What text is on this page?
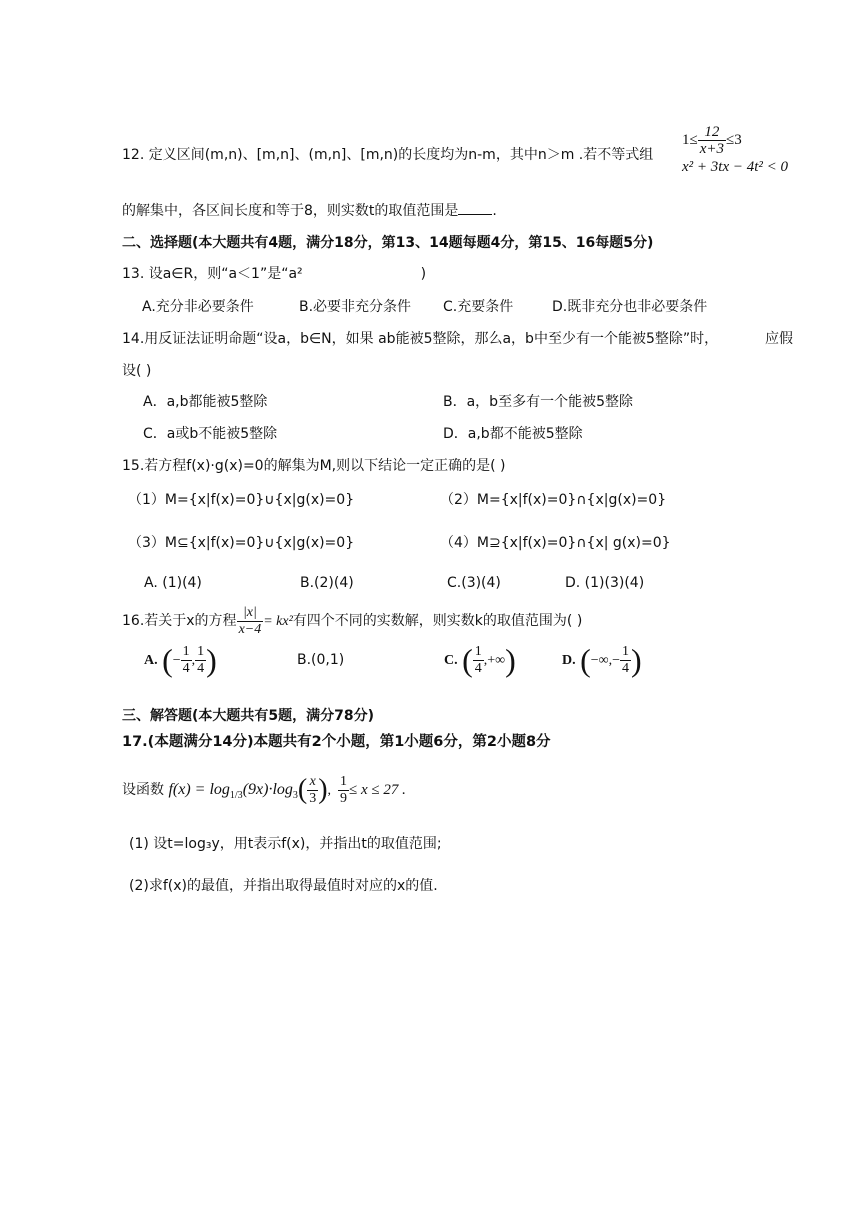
12. 定义区间(m,n)、[m,n]、(m,n]、[m,n)的长度均为n-m，其中n＞m .若不等式组
$1\le \frac{12}{x+3} \le 3$
x² + 3tx − 4t² < 0
的解集中，各区间长度和等于8，则实数t的取值范围是 .
二、选择题(本大题共有4题，满分18分，第13、14题每题4分，第15、16每题5分)
13. 设a∈R，则“a＜1”是“a²	)
A.充分非必要条件	B.必要非充分条件 C.充要条件	D.既非充分也非必要条件
14.用反证法证明命题“设a，b∈N，如果 ab能被5整除，那么a，b中至少有一个能被5整除”时，	应假
设( )
A．a,b都能被5整除	B．a，b至多有一个能被5整除
C．a或b不能被5整除	D．a,b都不能被5整除
15.若方程f(x)·g(x)=0的解集为M,则以下结论一定正确的是( )
（1）M={x|f(x)=0}∪{x|g(x)=0}	（2）M={x|f(x)=0}∩{x|g(x)=0}
（3）M⊆{x|f(x)=0}∪{x|g(x)=0}	（4）M⊇{x|f(x)=0}∩{x| g(x)=0}
A. (1)(4)	B.(2)(4)	C.(3)(4)	D. (1)(3)(4)
16.若关于x的方程 $\frac{|x|}{x-4} = kx^2$有四个不同的实数解，则实数k的取值范围为( )
A. (− $\frac{1}{4}$ , $\frac{1}{4}$ )	B.(0,1)	C. ( $\frac{1}{4}$ ,+∞)	D. (−∞,− $\frac{1}{4}$ )
三、解答题(本大题共有5题，满分78分)
17.(本题满分14分)本题共有2个小题，第1小题6分，第2小题8分
设函数 $f(x) = \log_{1/3}(9x)\cdot\log_3( \frac{x}{3}$ ), $\frac{1}{9} \le x \le 27$ .
(1) 设t=log₃y，用t表示f(x)，并指出t的取值范围;
(2)求f(x)的最值，并指出取得最值时对应的x的值.
